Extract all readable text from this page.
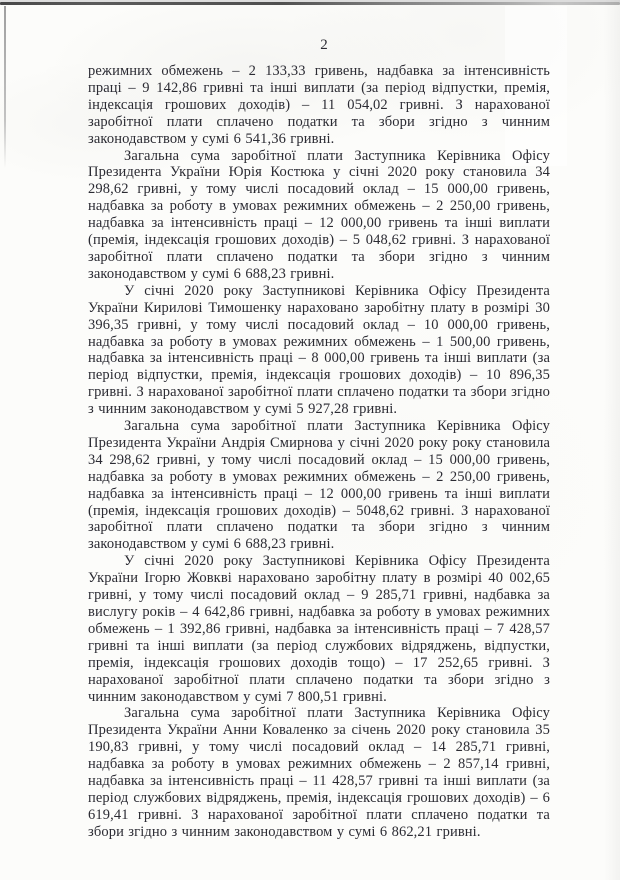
2

режимних обмежень – 2 133,33 гривень, надбавка за інтенсивність праці – 9 142,86 гривні та інші виплати (за період відпустки, премія, індексація грошових доходів) – 11 054,02 гривні. З нарахованої заробітної плати сплачено податки та збори згідно з чинним законодавством у сумі 6 541,36 гривні.

Загальна сума заробітної плати Заступника Керівника Офісу Президента України Юрія Костюка у січні 2020 року становила 34 298,62 гривні, у тому числі посадовий оклад – 15 000,00 гривень, надбавка за роботу в умовах режимних обмежень – 2 250,00 гривень, надбавка за інтенсивність праці – 12 000,00 гривень та інші виплати (премія, індексація грошових доходів) – 5 048,62 гривні. З нарахованої заробітної плати сплачено податки та збори згідно з чинним законодавством у сумі 6 688,23 гривні.

У січні 2020 року Заступникові Керівника Офісу Президента України Кирилові Тимошенку нараховано заробітну плату в розмірі 30 396,35 гривні, у тому числі посадовий оклад – 10 000,00 гривень, надбавка за роботу в умовах режимних обмежень – 1 500,00 гривень, надбавка за інтенсивність праці – 8 000,00 гривень та інші виплати (за період відпустки, премія, індексація грошових доходів) – 10 896,35 гривні. З нарахованої заробітної плати сплачено податки та збори згідно з чинним законодавством у сумі 5 927,28 гривні.

Загальна сума заробітної плати Заступника Керівника Офісу Президента України Андрія Смирнова у січні 2020 року року становила 34 298,62 гривні, у тому числі посадовий оклад – 15 000,00 гривень, надбавка за роботу в умовах режимних обмежень – 2 250,00 гривень, надбавка за інтенсивність праці – 12 000,00 гривень та інші виплати (премія, індексація грошових доходів) – 5048,62 гривні. З нарахованої заробітної плати сплачено податки та збори згідно з чинним законодавством у сумі 6 688,23 гривні.

У січні 2020 року Заступникові Керівника Офісу Президента України Ігорю Жовкві нараховано заробітну плату в розмірі 40 002,65 гривні, у тому числі посадовий оклад – 9 285,71 гривні, надбавка за вислугу років – 4 642,86 гривні, надбавка за роботу в умовах режимних обмежень – 1 392,86 гривні, надбавка за інтенсивність праці – 7 428,57 гривні та інші виплати (за період службових відряджень, відпустки, премія, індексація грошових доходів тощо) – 17 252,65 гривні. З нарахованої заробітної плати сплачено податки та збори згідно з чинним законодавством у сумі 7 800,51 гривні.

Загальна сума заробітної плати Заступника Керівника Офісу Президента України Анни Коваленко за січень 2020 року становила 35 190,83 гривні, у тому числі посадовий оклад – 14 285,71 гривні, надбавка за роботу в умовах режимних обмежень – 2 857,14 гривні, надбавка за інтенсивність праці – 11 428,57 гривні та інші виплати (за період службових відряджень, премія, індексація грошових доходів) – 6 619,41 гривні. З нарахованої заробітної плати сплачено податки та збори згідно з чинним законодавством у сумі 6 862,21 гривні.
